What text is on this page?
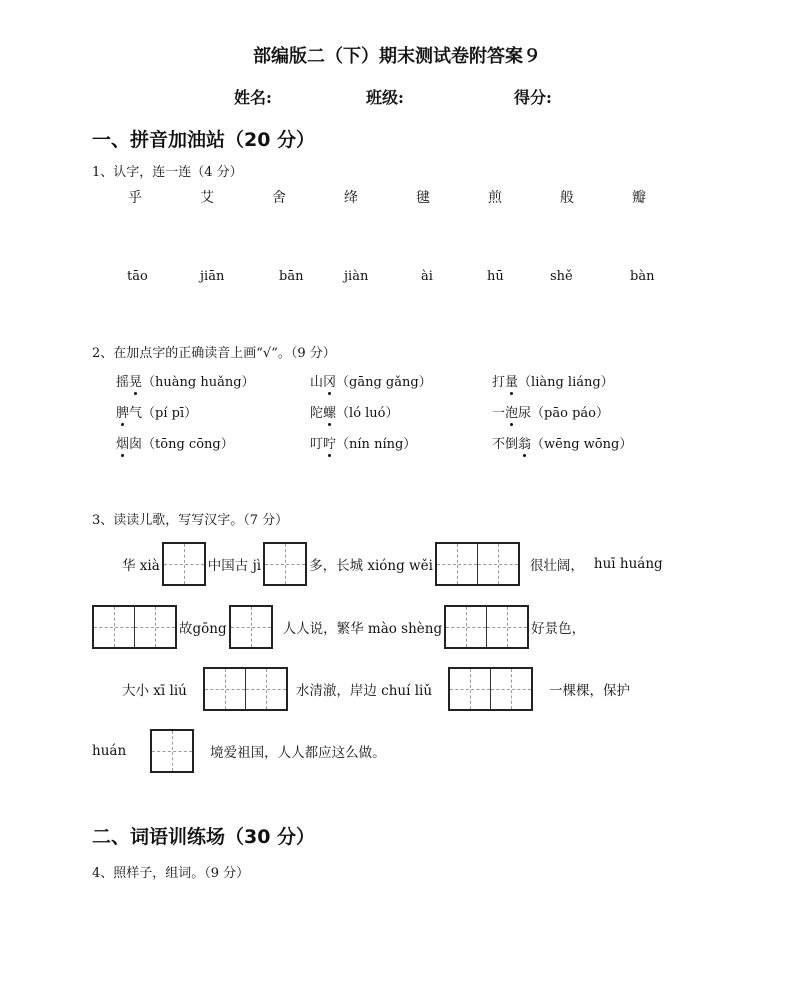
部编版二（下）期末测试卷附答案９
姓名:	班级:	得分:
一、拼音加油站（20 分）
1、认字，连一连（4 分）
乎	艾	舍	绛	毽	煎	般	瓣
tāo	jiān	bān	jiàn	ài	hū	shě	bàn
2、在加点字的正确读音上画“√”。（9 分）
摇晃（huàng huǎng）	山冈（gāng gǎng）	打量（liàng liáng）
脾气（pí pī）	陀螺（ló luó）	一泡尿（pāo páo）
烟囱（tōng cōng）	叮咛（nín níng）	不倒翁（wēng wōng）
3、读读儿歌，写写汉字。（7 分）
华 xià	中国古 jì	多，长城 xióng wěi	很壮阔， huī huáng
故gōng	人人说，繁华 mào shèng	好景色，
大小 xī liú	水清澈，岸边 chuí liǔ	一棵棵，保护
huán	境爱祖国，人人都应这么做。
二、词语训练场（30 分）
4、照样子，组词。（9 分）
